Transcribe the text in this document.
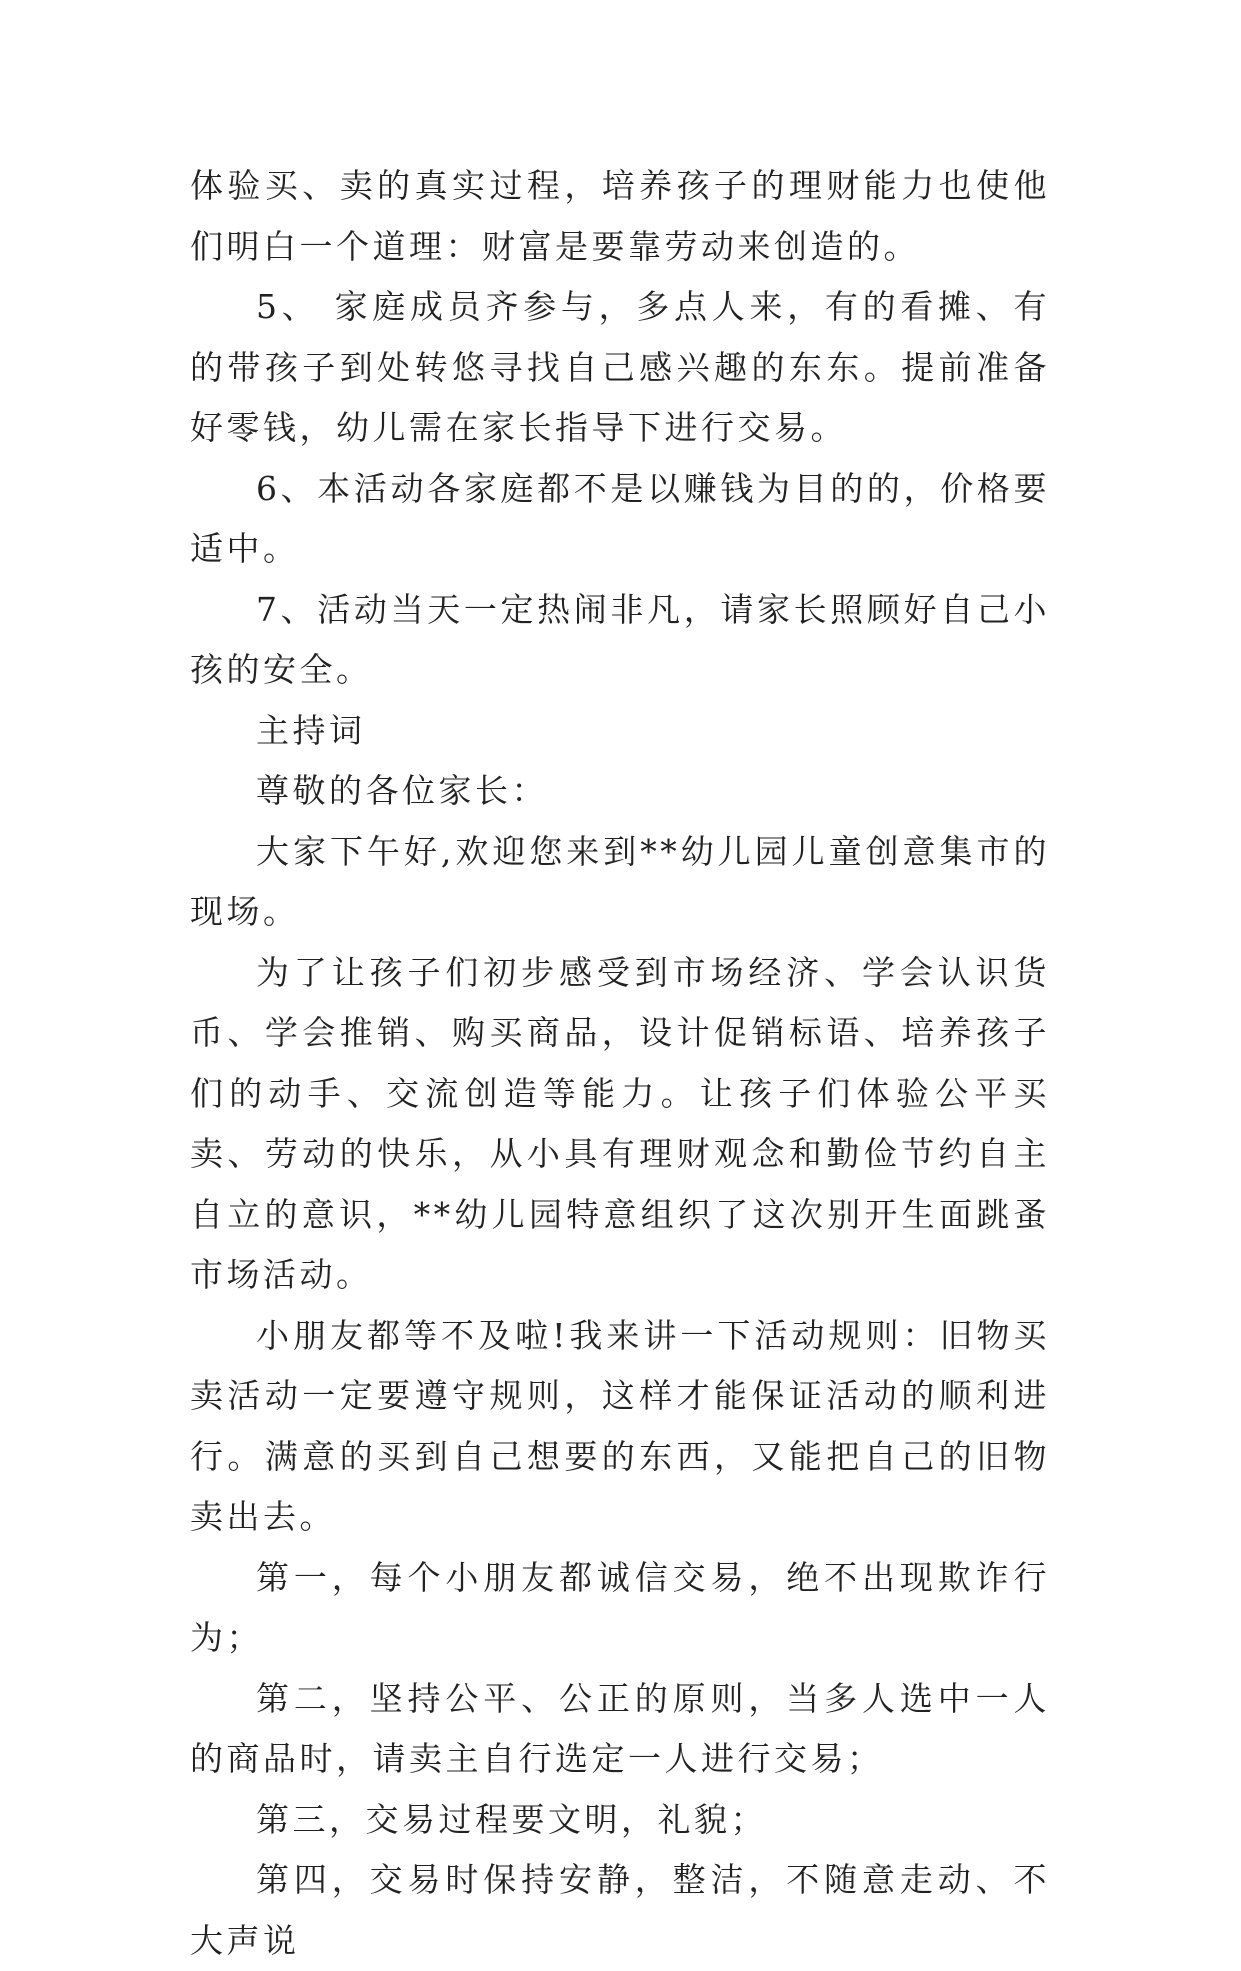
体验买、卖的真实过程，培养孩子的理财能力也使他们明白一个道理：财富是要靠劳动来创造的。

5、 家庭成员齐参与，多点人来，有的看摊、有的带孩子到处转悠寻找自己感兴趣的东东。提前准备好零钱，幼儿需在家长指导下进行交易。

6、本活动各家庭都不是以赚钱为目的的，价格要适中。

7、活动当天一定热闹非凡，请家长照顾好自己小孩的安全。

主持词

尊敬的各位家长：

大家下午好,欢迎您来到**幼儿园儿童创意集市的现场。

为了让孩子们初步感受到市场经济、学会认识货币、学会推销、购买商品，设计促销标语、培养孩子们的动手、交流创造等能力。让孩子们体验公平买卖、劳动的快乐，从小具有理财观念和勤俭节约自主自立的意识，**幼儿园特意组织了这次别开生面跳蚤市场活动。

小朋友都等不及啦!我来讲一下活动规则：旧物买卖活动一定要遵守规则，这样才能保证活动的顺利进行。满意的买到自己想要的东西，又能把自己的旧物卖出去。

第一，每个小朋友都诚信交易，绝不出现欺诈行为；

第二，坚持公平、公正的原则，当多人选中一人的商品时，请卖主自行选定一人进行交易；

第三，交易过程要文明，礼貌；

第四，交易时保持安静，整洁，不随意走动、不大声说
